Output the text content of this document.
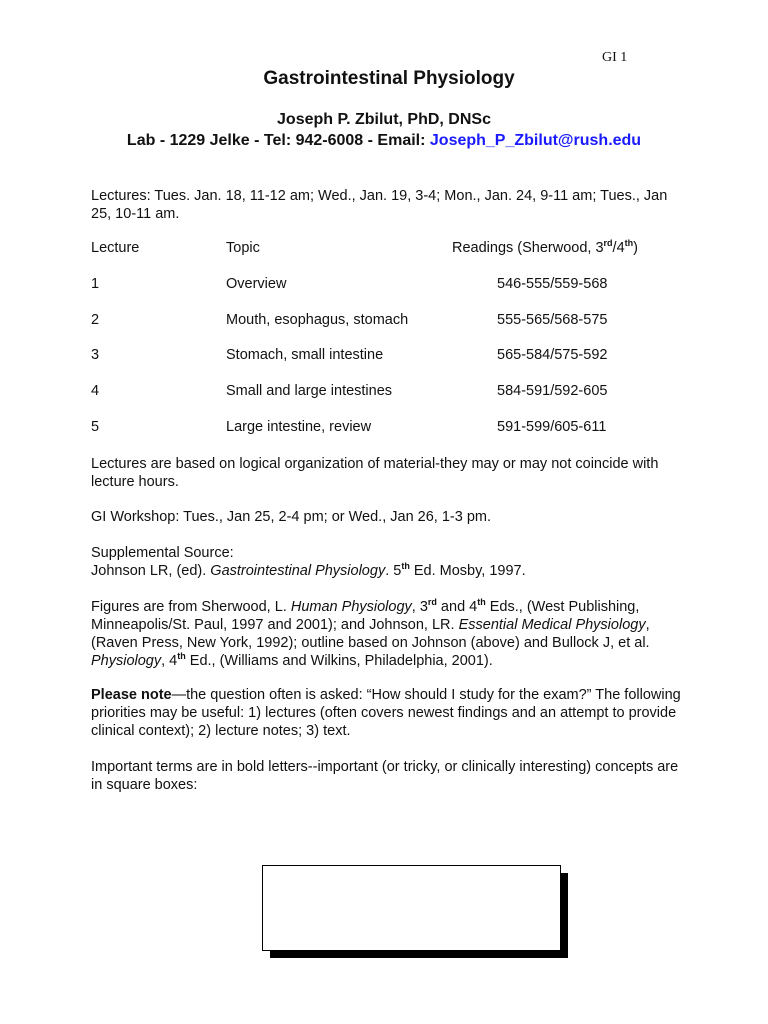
GI 1
Gastrointestinal Physiology
Joseph P. Zbilut, PhD, DNSc
Lab - 1229 Jelke - Tel: 942-6008 - Email: Joseph_P_Zbilut@rush.edu
Lectures: Tues. Jan. 18, 11-12 am; Wed., Jan. 19, 3-4; Mon., Jan. 24, 9-11 am; Tues., Jan 25, 10-11 am.
Lecture	Topic	Readings (Sherwood, 3rd/4th)
1	Overview	546-555/559-568
2	Mouth, esophagus, stomach	555-565/568-575
3	Stomach, small intestine	565-584/575-592
4	Small and large intestines	584-591/592-605
5	Large intestine, review	591-599/605-611
Lectures are based on logical organization of material-they may or may not coincide with lecture hours.
GI Workshop: Tues., Jan 25, 2-4 pm; or Wed., Jan 26, 1-3 pm.
Supplemental Source:
Johnson LR, (ed). Gastrointestinal Physiology. 5th Ed. Mosby, 1997.
Figures are from Sherwood, L. Human Physiology, 3rd and 4th Eds., (West Publishing, Minneapolis/St. Paul, 1997 and 2001); and Johnson, LR. Essential Medical Physiology, (Raven Press, New York, 1992); outline based on Johnson (above) and Bullock J, et al. Physiology, 4th Ed., (Williams and Wilkins, Philadelphia, 2001).
Please note—the question often is asked: “How should I study for the exam?” The following priorities may be useful: 1) lectures (often covers newest findings and an attempt to provide clinical context); 2) lecture notes; 3) text.
Important terms are in bold letters--important (or tricky, or clinically interesting) concepts are in square boxes:
